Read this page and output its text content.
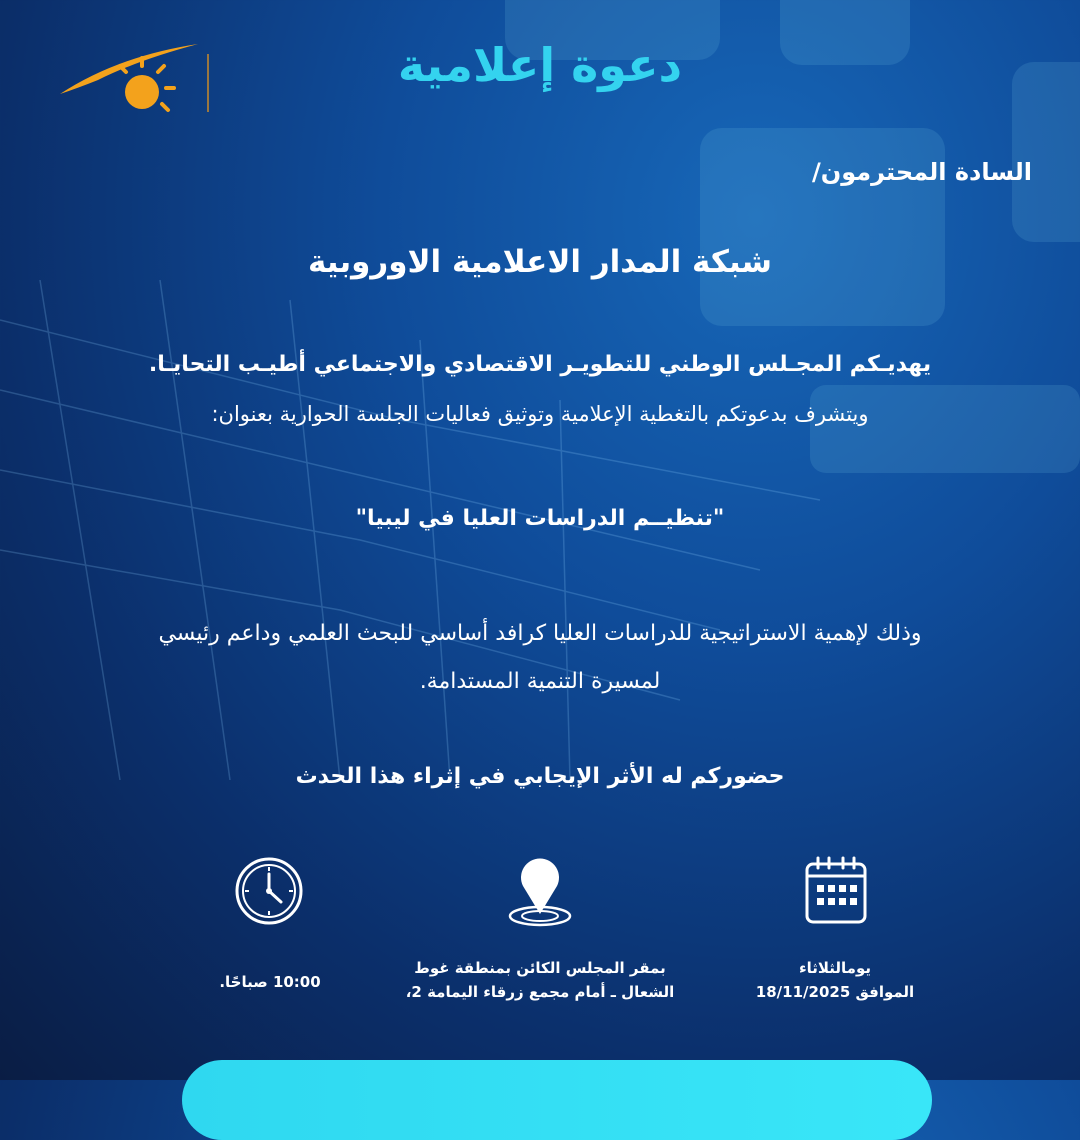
دعوة إعلامية
السادة المحترمون/
شبكة المدار الاعلامية الاوروبية
يهديـكم المجـلس الوطني للتطويـر الاقتصادي والاجتماعي أطيـب التحايـا.
ويتشرف بدعوتكم بالتغطية الإعلامية وتوثيق فعاليات الجلسة الحوارية بعنوان:
"تنظيــم الدراسات العليا في ليبيا"
وذلك لإهمية الاستراتيجية للدراسات العليا كرافد أساسي للبحث العلمي وداعم رئيسي
لمسيرة التنمية المستدامة.
حضوركم له الأثر الإيجابي في إثراء هذا الحدث
يومالثلاثاء
الموافق 18/11/2025
بمقر المجلس الكائن بمنطقة غوط
الشعال ـ أمام مجمع زرقاء اليمامة 2،
10:00 صباحًا.
